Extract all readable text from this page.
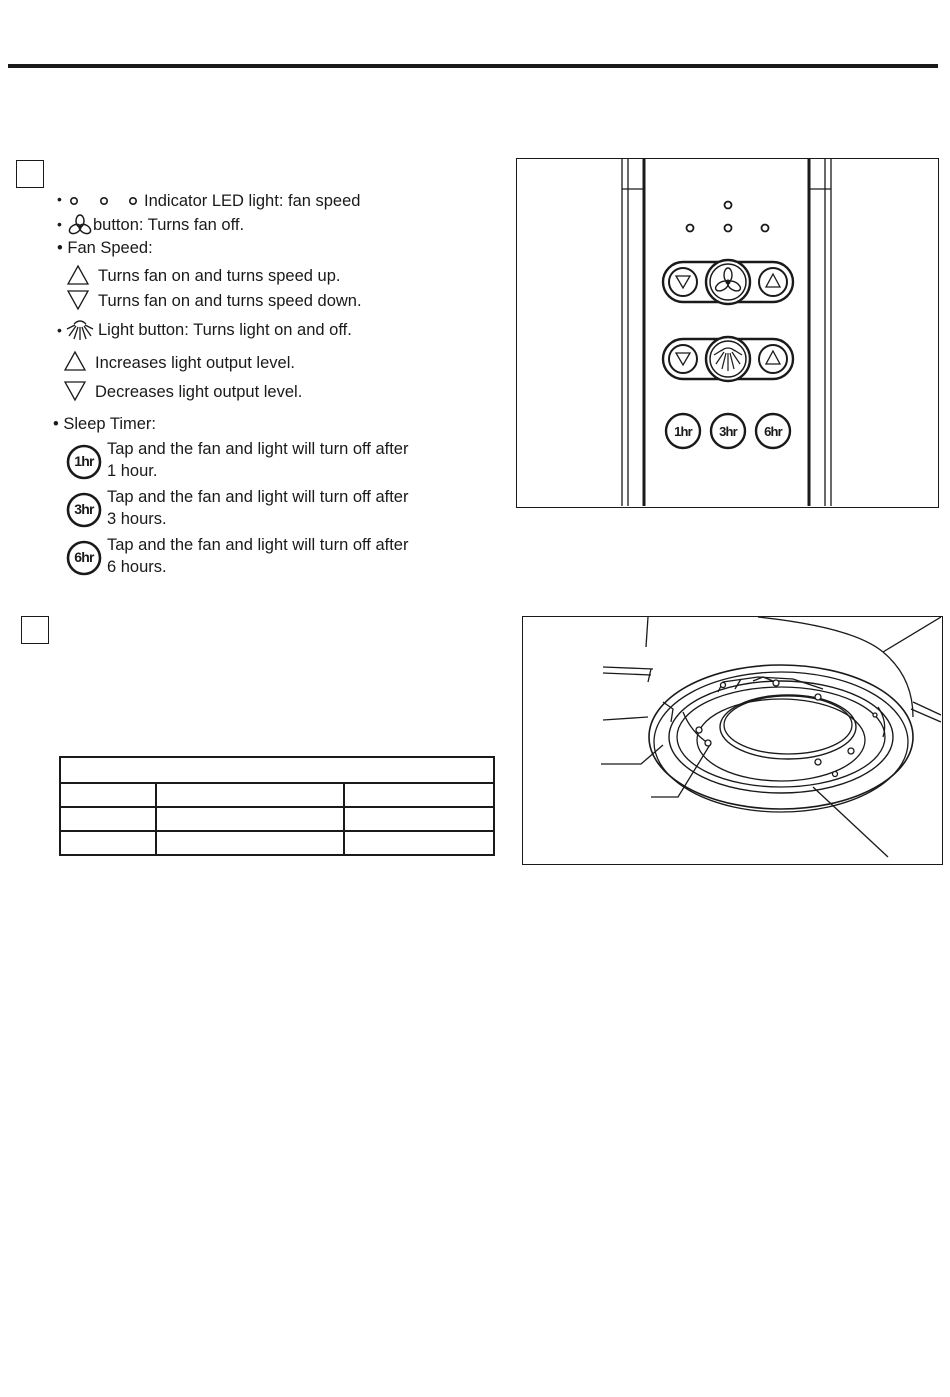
•	Indicator LED light: fan speed
• button: Turns fan off.
• Fan Speed:
Turns fan on and turns speed up.
Turns fan on and turns speed down.
• Light button: Turns light on and off.
Increases light output level.
Decreases light output level.
• Sleep Timer:
1hr
Tap and the fan and light will turn off after
1 hour.
3hr
Tap and the fan and light will turn off after
3 hours.
6hr
Tap and the fan and light will turn off after
6 hours.
1hr	3hr	6hr
